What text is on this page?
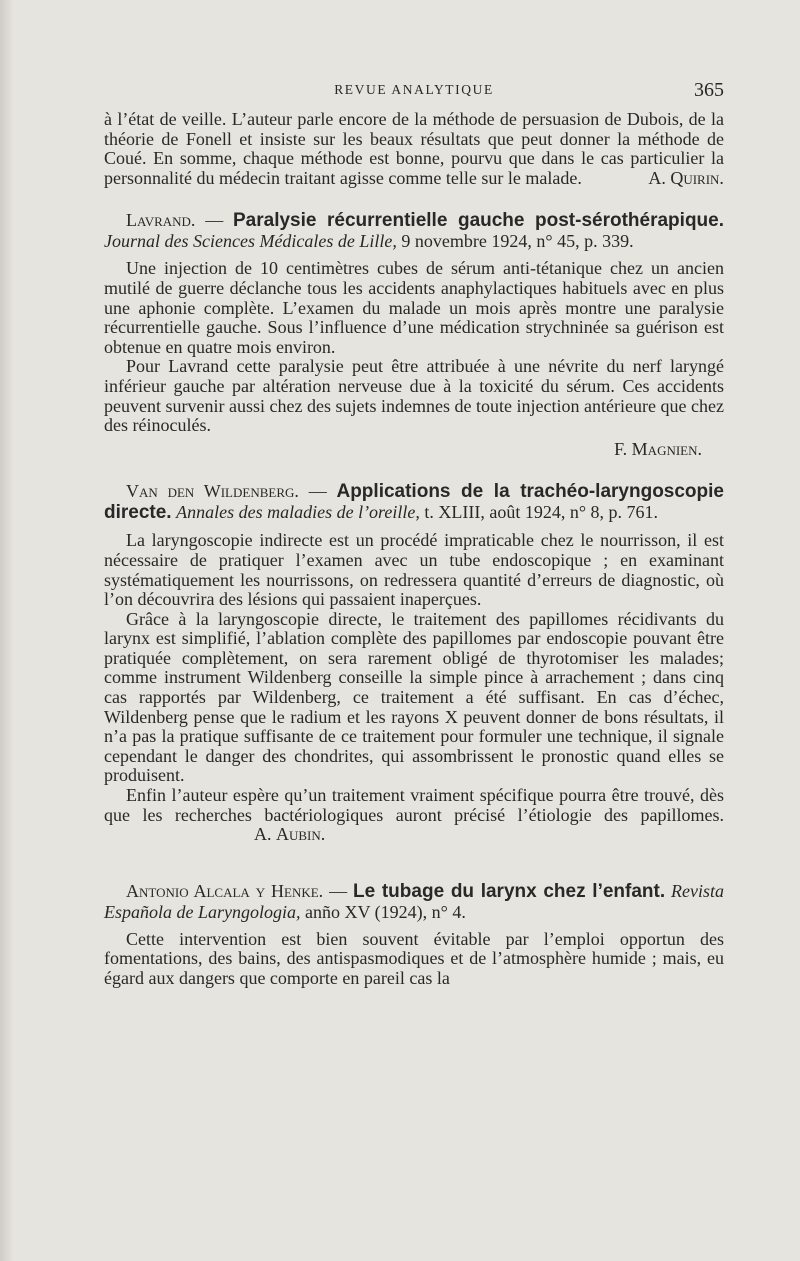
REVUE ANALYTIQUE	365

à l’état de veille. L’auteur parle encore de la méthode de persuasion de Dubois, de la théorie de Fonell et insiste sur les beaux résultats que peut donner la méthode de Coué. En somme, chaque méthode est bonne, pourvu que dans le cas particulier la personnalité du médecin traitant agisse comme telle sur le malade.	A. Quirin.

Lavrand. — Paralysie récurrentielle gauche post-sérothérapique. Journal des Sciences Médicales de Lille, 9 novembre 1924, n° 45, p. 339.

Une injection de 10 centimètres cubes de sérum anti-tétanique chez un ancien mutilé de guerre déclanche tous les accidents anaphylactiques habituels avec en plus une aphonie complète. L’examen du malade un mois après montre une paralysie récurrentielle gauche. Sous l’influence d’une médication strychninée sa guérison est obtenue en quatre mois environ.

Pour Lavrand cette paralysie peut être attribuée à une névrite du nerf laryngé inférieur gauche par altération nerveuse due à la toxicité du sérum. Ces accidents peuvent survenir aussi chez des sujets indemnes de toute injection antérieure que chez des réinoculés.

F. Magnien.

Van den Wildenberg. — Applications de la trachéo-laryngoscopie directe. Annales des maladies de l’oreille, t. XLIII, août 1924, n° 8, p. 761.

La laryngoscopie indirecte est un procédé impraticable chez le nourrisson, il est nécessaire de pratiquer l’examen avec un tube endoscopique ; en examinant systématiquement les nourrissons, on redressera quantité d’erreurs de diagnostic, où l’on découvrira des lésions qui passaient inaperçues.

Grâce à la laryngoscopie directe, le traitement des papillomes récidivants du larynx est simplifié, l’ablation complète des papillomes par endoscopie pouvant être pratiquée complètement, on sera rarement obligé de thyrotomiser les malades; comme instrument Wildenberg conseille la simple pince à arrachement ; dans cinq cas rapportés par Wildenberg, ce traitement a été suffisant. En cas d’échec, Wildenberg pense que le radium et les rayons X peuvent donner de bons résultats, il n’a pas la pratique suffisante de ce traitement pour formuler une technique, il signale cependant le danger des chondrites, qui assombrissent le pronostic quand elles se produisent.

Enfin l’auteur espère qu’un traitement vraiment spécifique pourra être trouvé, dès que les recherches bactériologiques auront précisé l’étiologie des papillomes. A. Aubin.

Antonio Alcala y Henke. — Le tubage du larynx chez l’enfant. Revista Española de Laryngologia, anño XV (1924), n° 4.

Cette intervention est bien souvent évitable par l’emploi opportun des fomentations, des bains, des antispasmodiques et de l’atmosphère humide ; mais, eu égard aux dangers que comporte en pareil cas la
